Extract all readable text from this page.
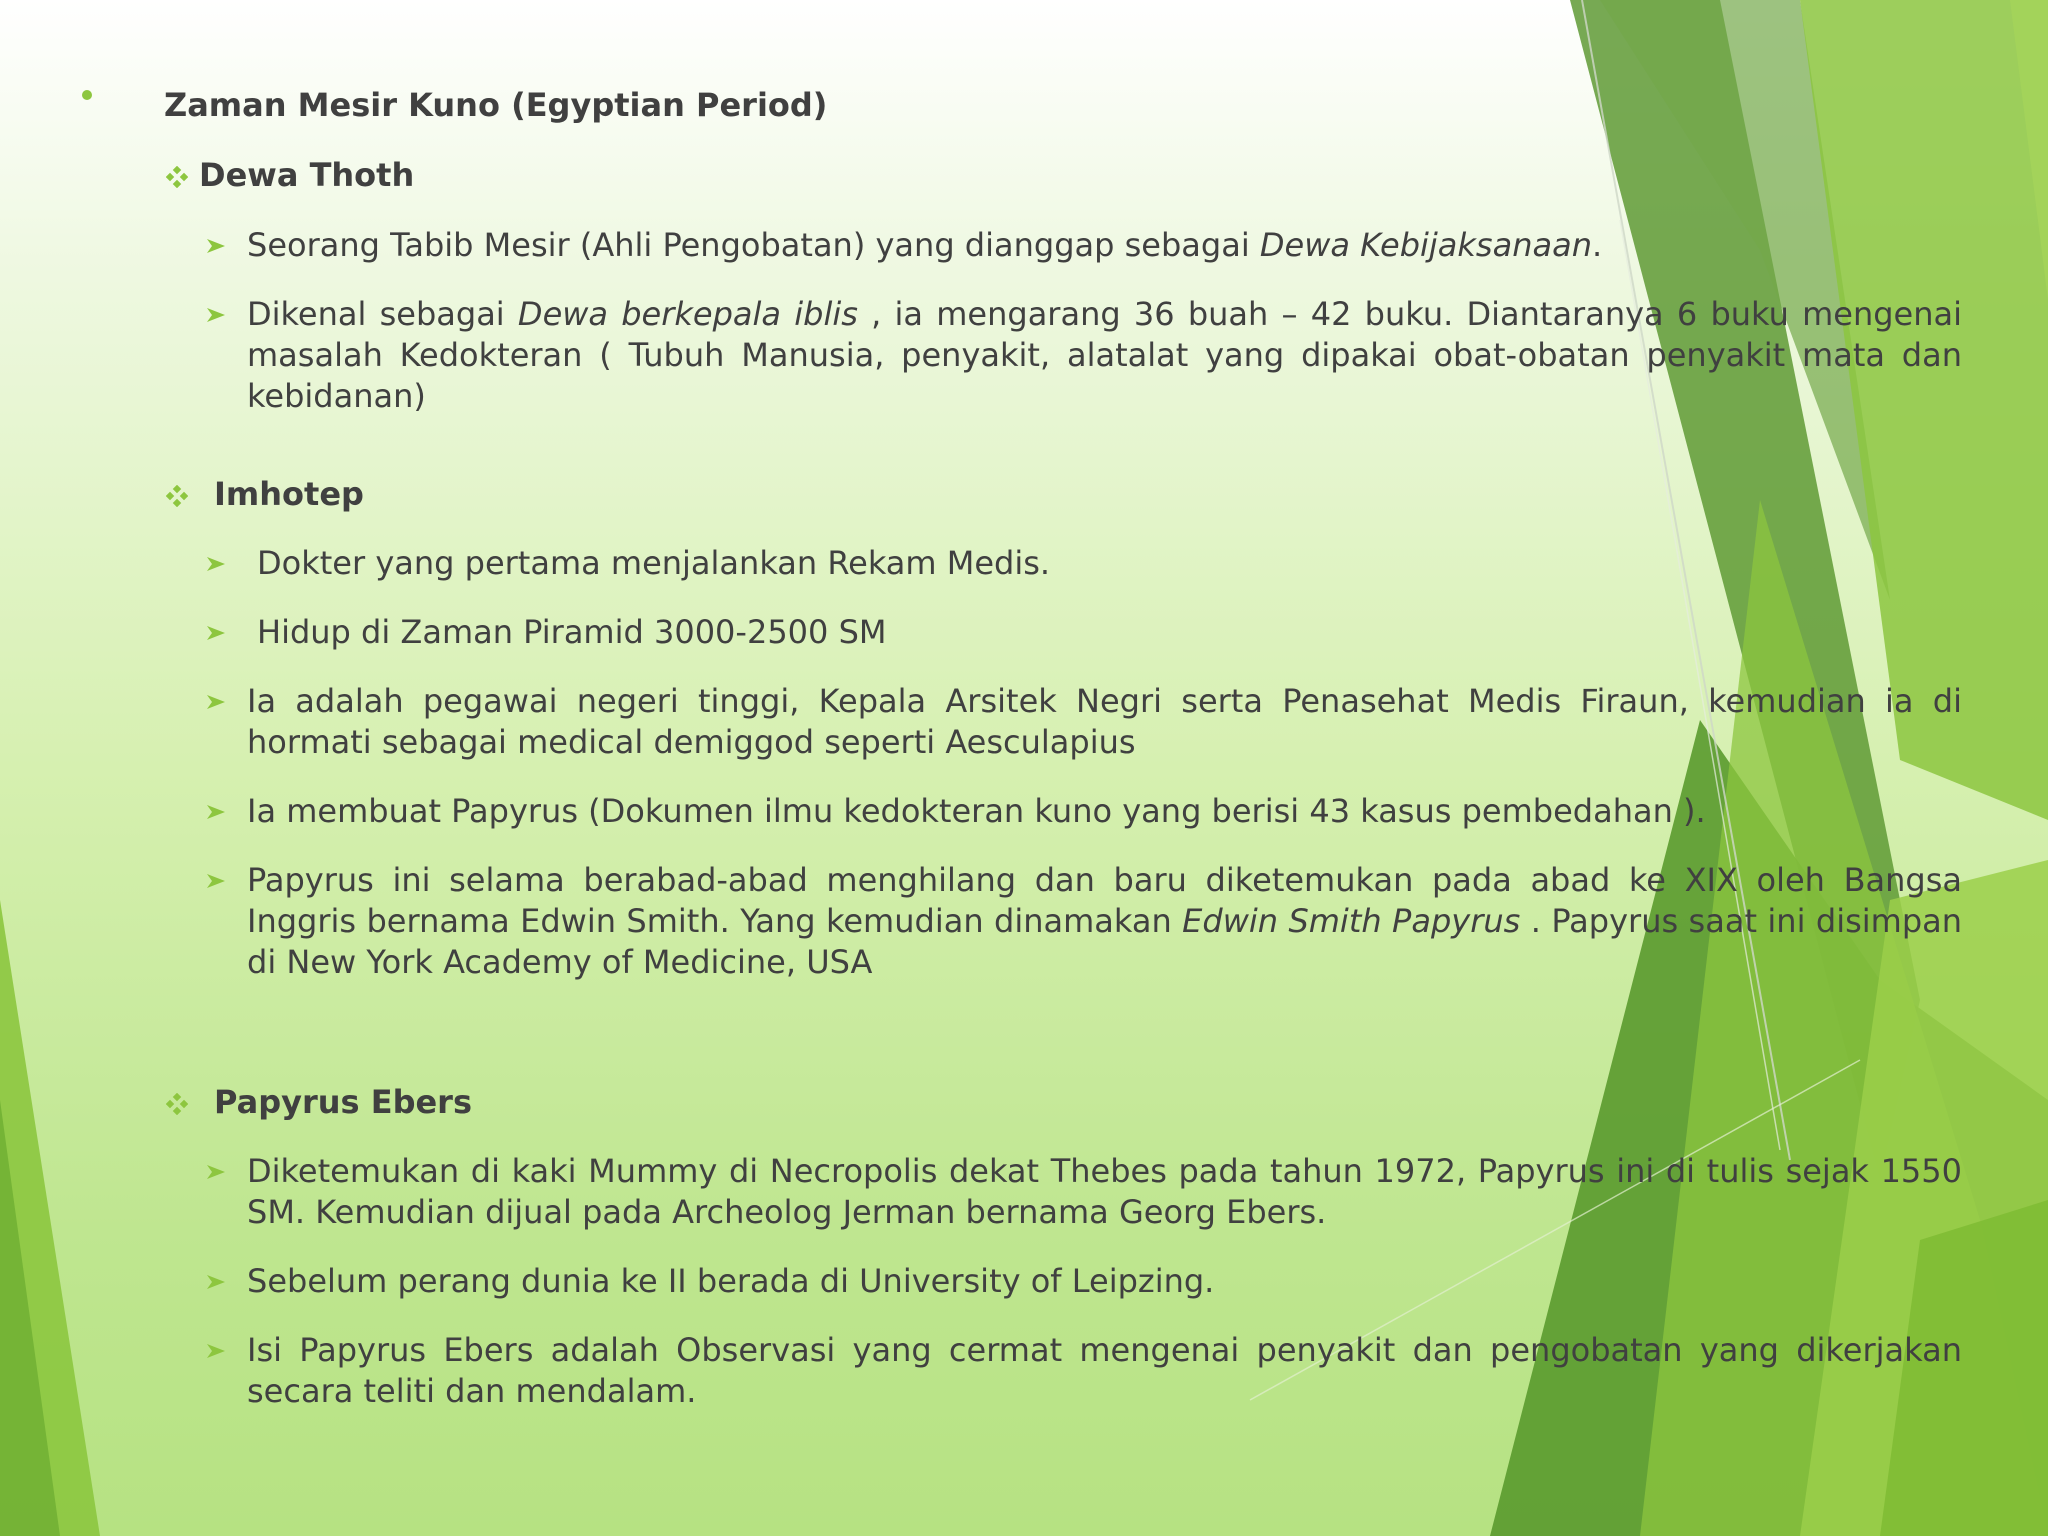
Zaman Mesir Kuno (Egyptian Period)
Dewa Thoth
Seorang Tabib Mesir (Ahli Pengobatan) yang dianggap sebagai Dewa Kebijaksanaan.
Dikenal sebagai Dewa berkepala iblis , ia mengarang 36 buah – 42 buku. Diantaranya 6 buku mengenai masalah Kedokteran ( Tubuh Manusia, penyakit, alatalat yang dipakai obat-obatan penyakit mata dan kebidanan)
Imhotep
Dokter yang pertama menjalankan Rekam Medis.
Hidup di Zaman Piramid 3000-2500 SM
Ia adalah pegawai negeri tinggi, Kepala Arsitek Negri serta Penasehat Medis Firaun, kemudian ia di hormati sebagai medical demiggod seperti Aesculapius
Ia membuat Papyrus (Dokumen ilmu kedokteran kuno yang berisi 43 kasus pembedahan ).
Papyrus ini selama berabad-abad menghilang dan baru diketemukan pada abad ke XIX oleh Bangsa Inggris bernama Edwin Smith. Yang kemudian dinamakan Edwin Smith Papyrus . Papyrus saat ini disimpan di New York Academy of Medicine, USA
Papyrus Ebers
Diketemukan di kaki Mummy di Necropolis dekat Thebes pada tahun 1972, Papyrus ini di tulis sejak 1550 SM. Kemudian dijual pada Archeolog Jerman bernama Georg Ebers.
Sebelum perang dunia ke II berada di University of Leipzing.
Isi Papyrus Ebers adalah Observasi yang cermat mengenai penyakit dan pengobatan yang dikerjakan secara teliti dan mendalam.
